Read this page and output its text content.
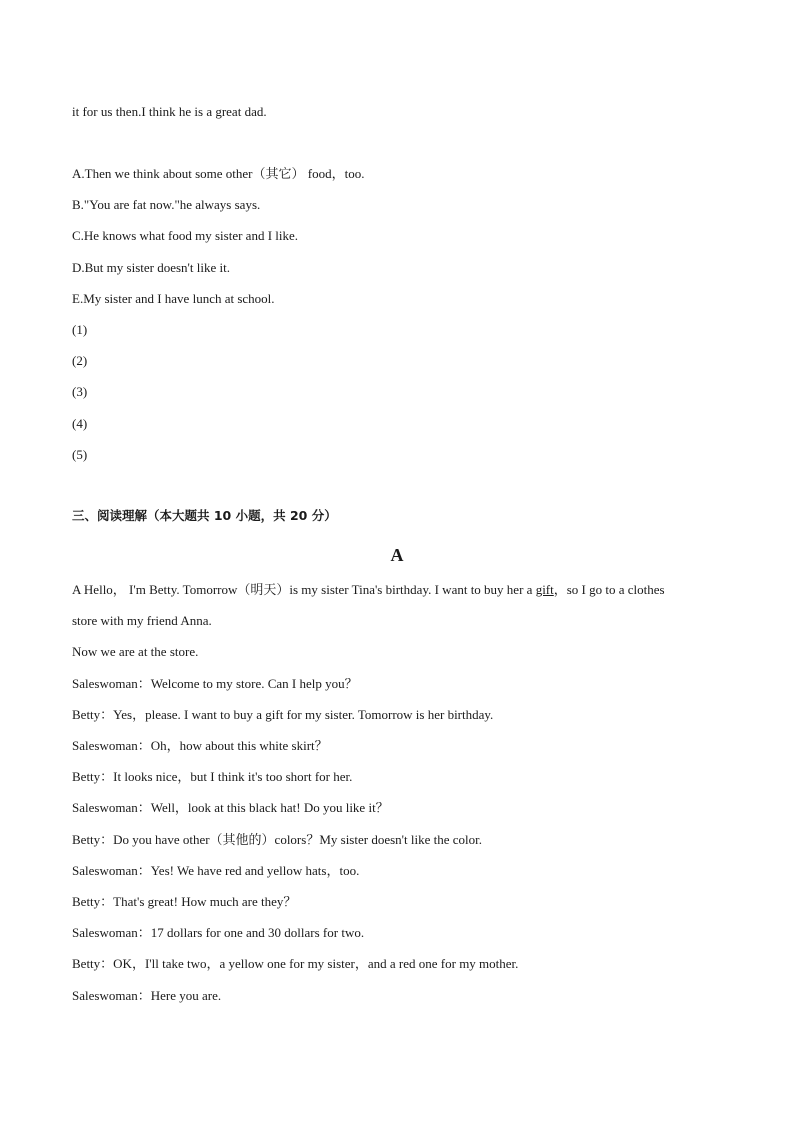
it for us then.I think he is a great dad.
A.Then we think about some other（其它） food，too.
B."You are fat now."he always says.
C.He knows what food my sister and I like.
D.But my sister doesn't like it.
E.My sister and I have lunch at school.
(1)
(2)
(3)
(4)
(5)
三、阅读理解（本大题共 10 小题，共 20 分）
A
A Hello， I'm Betty. Tomorrow（明天）is my sister Tina's birthday. I want to buy her a gift，so I go to a clothes
store with my friend Anna.
Now we are at the store.
Saleswoman：Welcome to my store. Can I help you？
Betty：Yes，please. I want to buy a gift for my sister. Tomorrow is her birthday.
Saleswoman：Oh，how about this white skirt？
Betty：It looks nice，but I think it's too short for her.
Saleswoman：Well，look at this black hat! Do you like it？
Betty：Do you have other（其他的）colors？My sister doesn't like the color.
Saleswoman：Yes! We have red and yellow hats，too.
Betty：That's great! How much are they？
Saleswoman：17 dollars for one and 30 dollars for two.
Betty：OK，I'll take two，a yellow one for my sister，and a red one for my mother.
Saleswoman：Here you are.
